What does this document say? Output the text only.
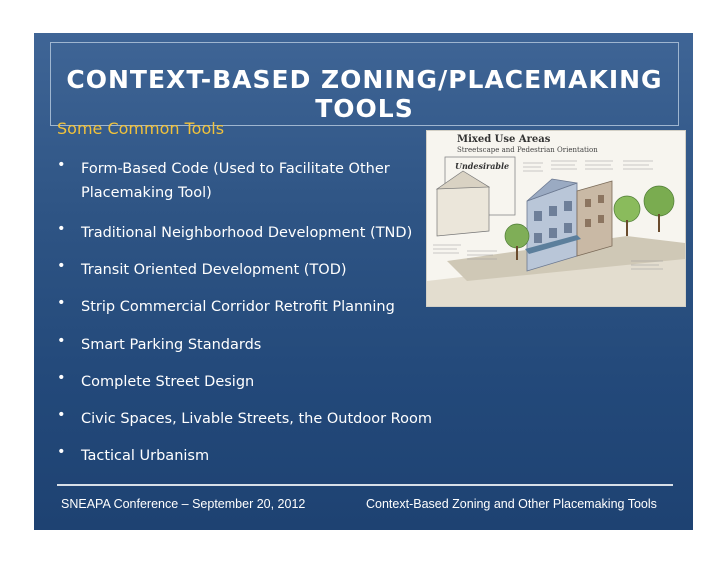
CONTEXT-BASED ZONING/PLACEMAKING TOOLS
Some Common Tools
• Form-Based Code (Used to Facilitate Other
Placemaking Tool)
• Traditional Neighborhood Development (TND)
• Transit Oriented Development (TOD)
• Strip Commercial Corridor Retrofit Planning
• Smart Parking Standards
• Complete Street Design
• Civic Spaces, Livable Streets, the Outdoor Room
• Tactical Urbanism
Mixed Use Areas
Streetscape and Pedestrian Orientation
Undesirable
SNEAPA Conference – September 20, 2012	Context-Based Zoning and Other Placemaking Tools
